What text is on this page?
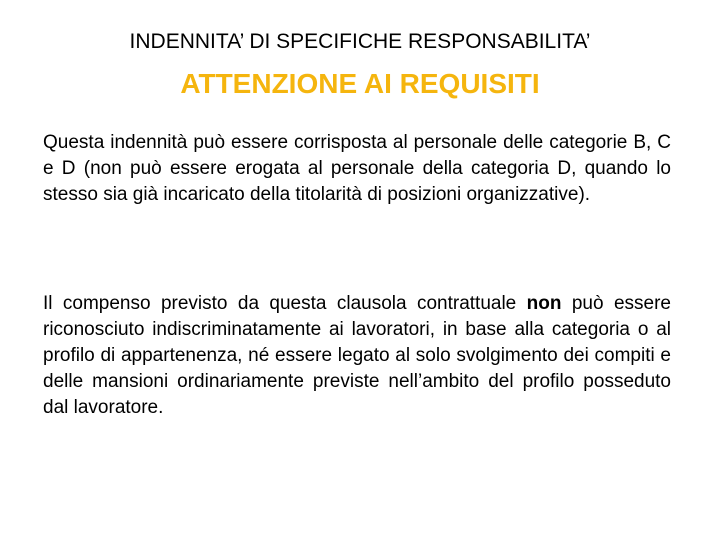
INDENNITA’ DI SPECIFICHE RESPONSABILITA’
ATTENZIONE AI REQUISITI
Questa indennità può essere corrisposta al personale delle categorie B, C e D (non può essere erogata al personale della categoria D, quando lo stesso sia già incaricato della titolarità di posizioni organizzative).
Il compenso previsto da questa clausola contrattuale non può essere riconosciuto indiscriminatamente ai lavoratori, in base alla categoria o al profilo di appartenenza, né essere legato al solo svolgimento dei compiti e delle mansioni ordinariamente previste nell’ambito del profilo posseduto dal lavoratore.
